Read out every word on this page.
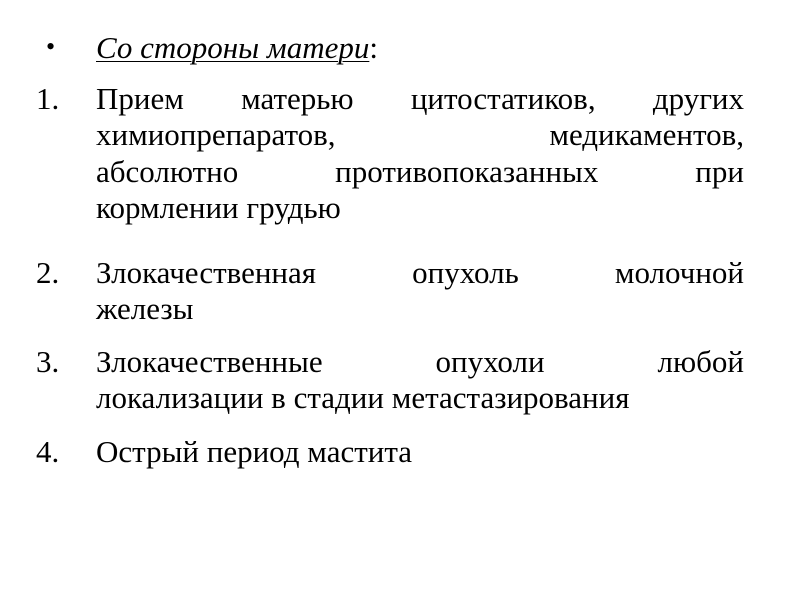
•	Со стороны матери:
1.	Прием матерью цитостатиков, других
химиопрепаратов, медикаментов,
абсолютно противопоказанных при
кормлении грудью
2.	Злокачественная опухоль молочной
железы
3.	Злокачественные опухоли любой
локализации в стадии метастазирования
4.	Острый период мастита
